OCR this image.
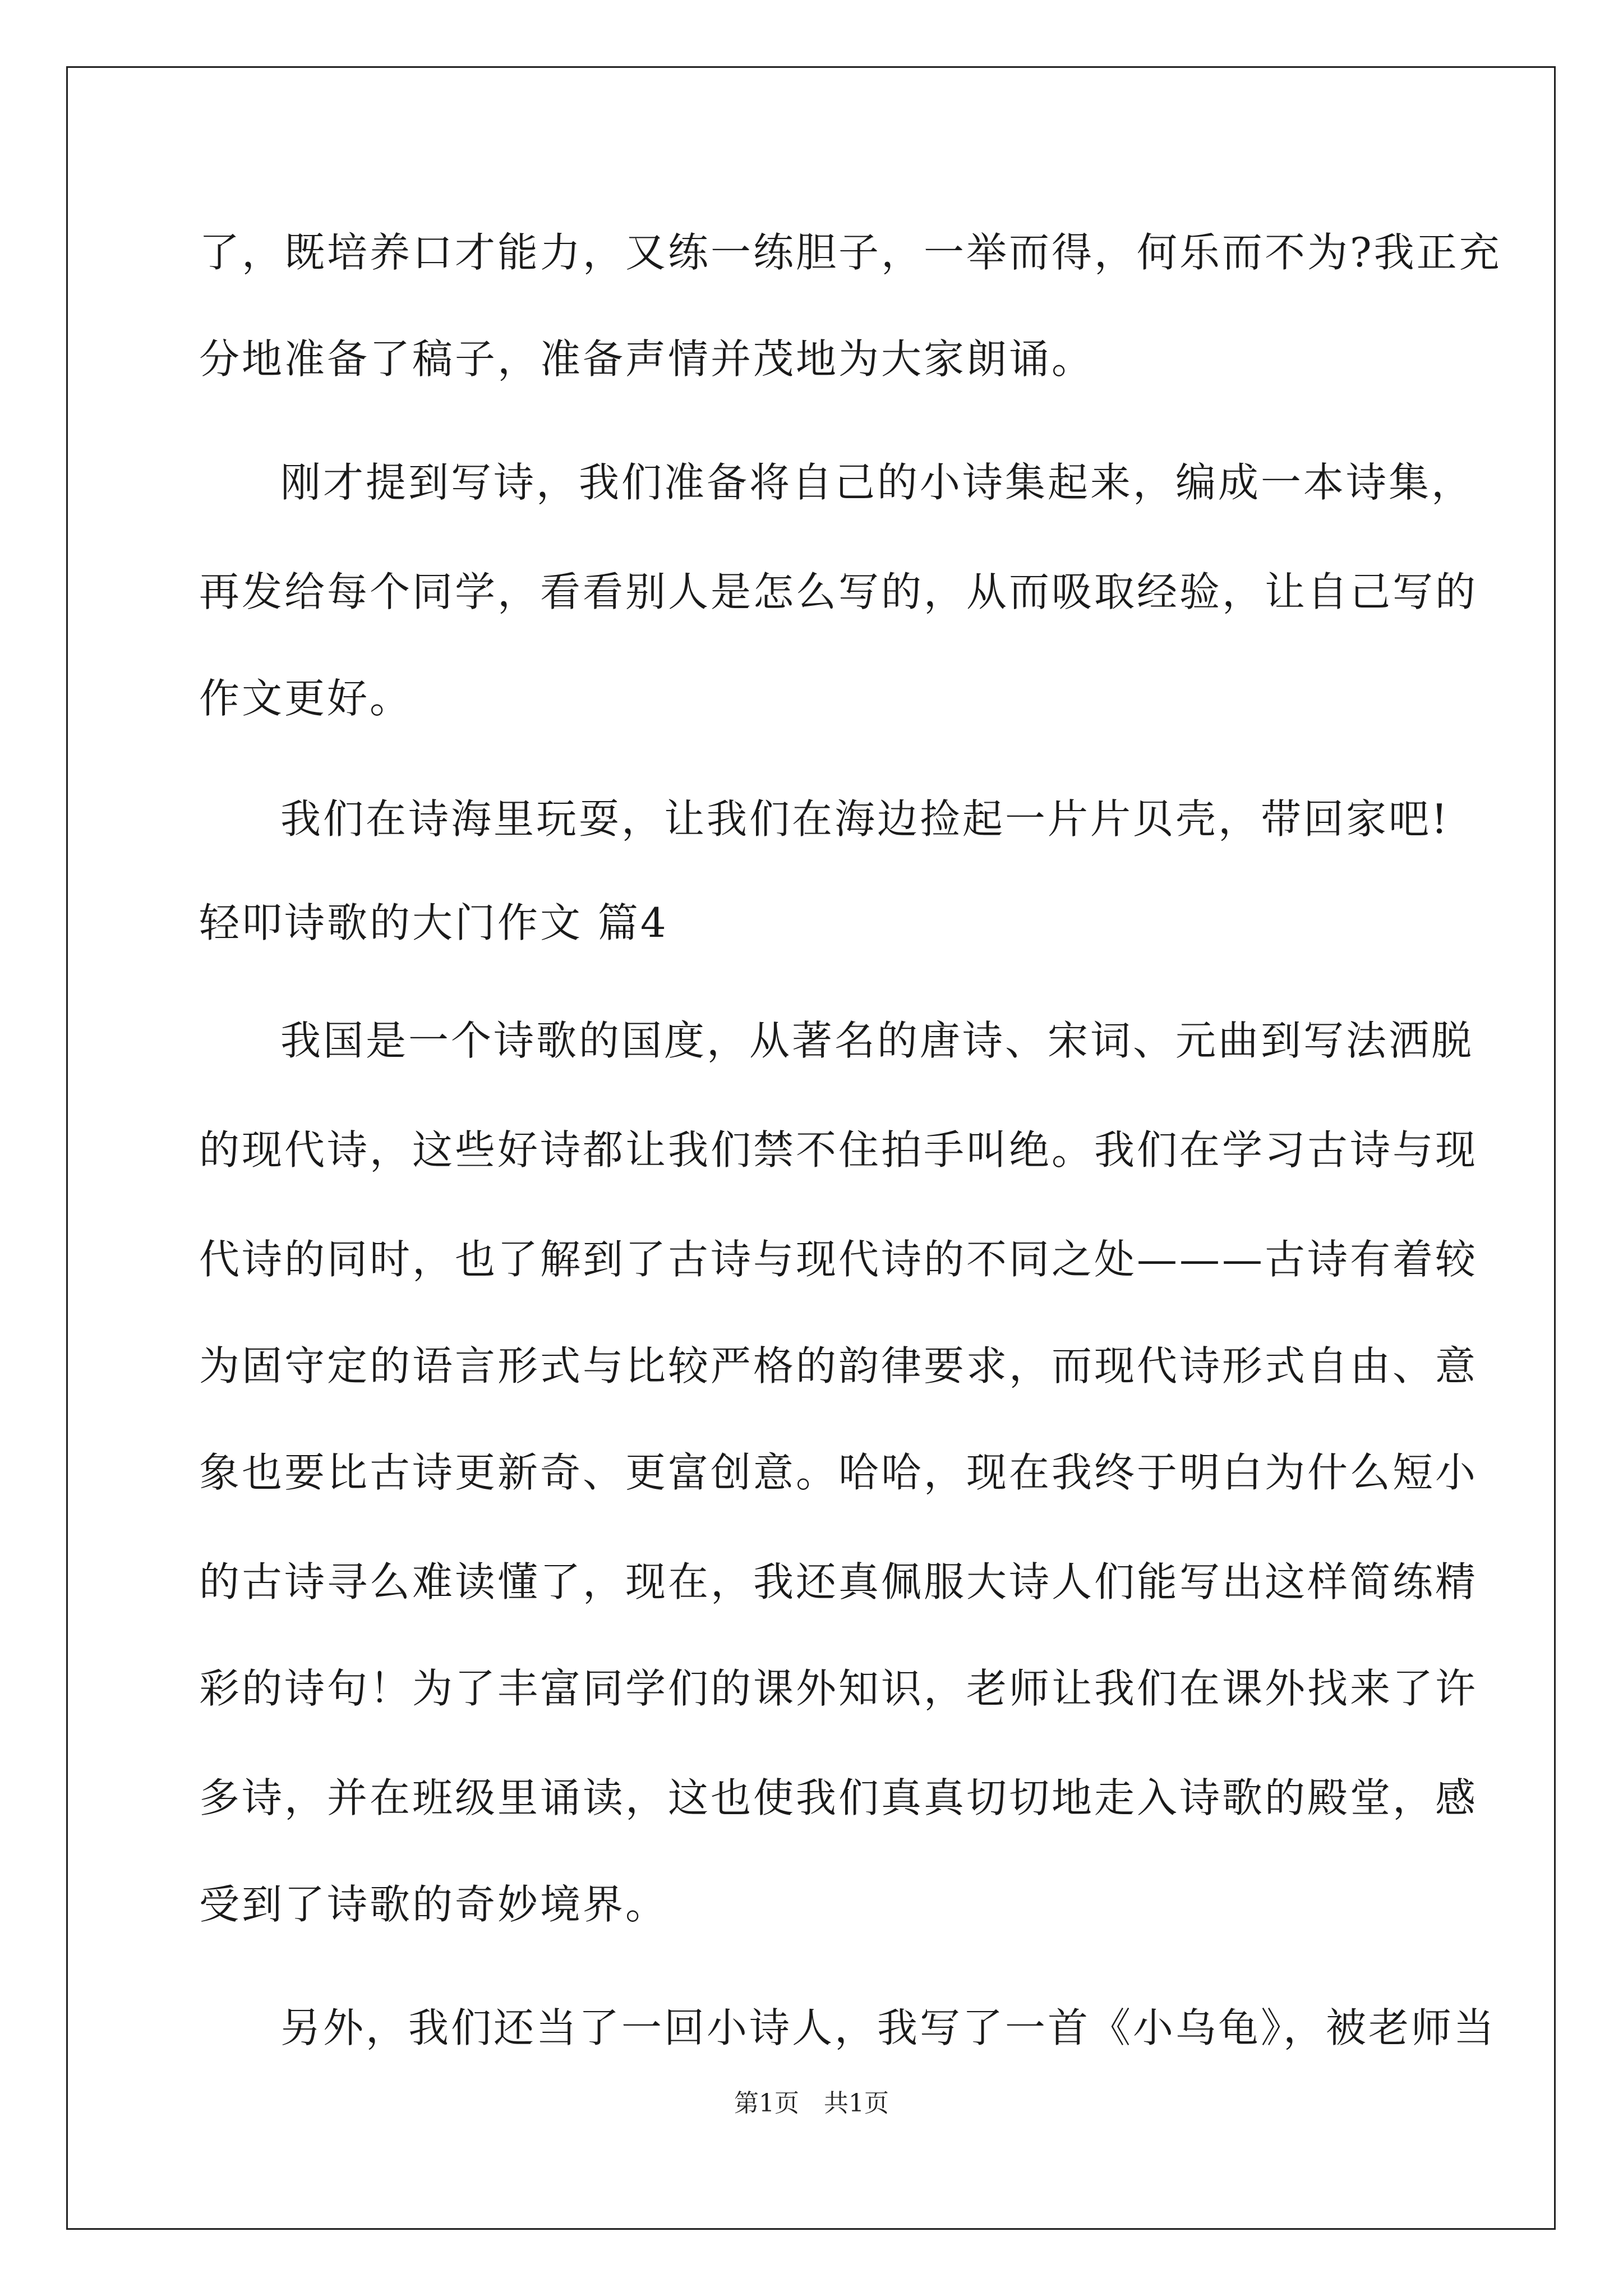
了，既培养口才能力，又练一练胆子，一举而得，何乐而不为?我正充
分地准备了稿子，准备声情并茂地为大家朗诵。
刚才提到写诗，我们准备将自己的小诗集起来，编成一本诗集，
再发给每个同学，看看别人是怎么写的，从而吸取经验，让自己写的
作文更好。
我们在诗海里玩耍，让我们在海边捡起一片片贝壳，带回家吧!
轻叩诗歌的大门作文 篇4
我国是一个诗歌的国度，从著名的唐诗、宋词、元曲到写法洒脱
的现代诗，这些好诗都让我们禁不住拍手叫绝。我们在学习古诗与现
代诗的同时，也了解到了古诗与现代诗的不同之处———古诗有着较
为固守定的语言形式与比较严格的韵律要求，而现代诗形式自由、意
象也要比古诗更新奇、更富创意。哈哈，现在我终于明白为什么短小
的古诗寻么难读懂了，现在，我还真佩服大诗人们能写出这样简练精
彩的诗句！为了丰富同学们的课外知识，老师让我们在课外找来了许
多诗，并在班级里诵读，这也使我们真真切切地走入诗歌的殿堂，感
受到了诗歌的奇妙境界。
另外，我们还当了一回小诗人，我写了一首《小乌龟》，被老师当
第1页 共1页
